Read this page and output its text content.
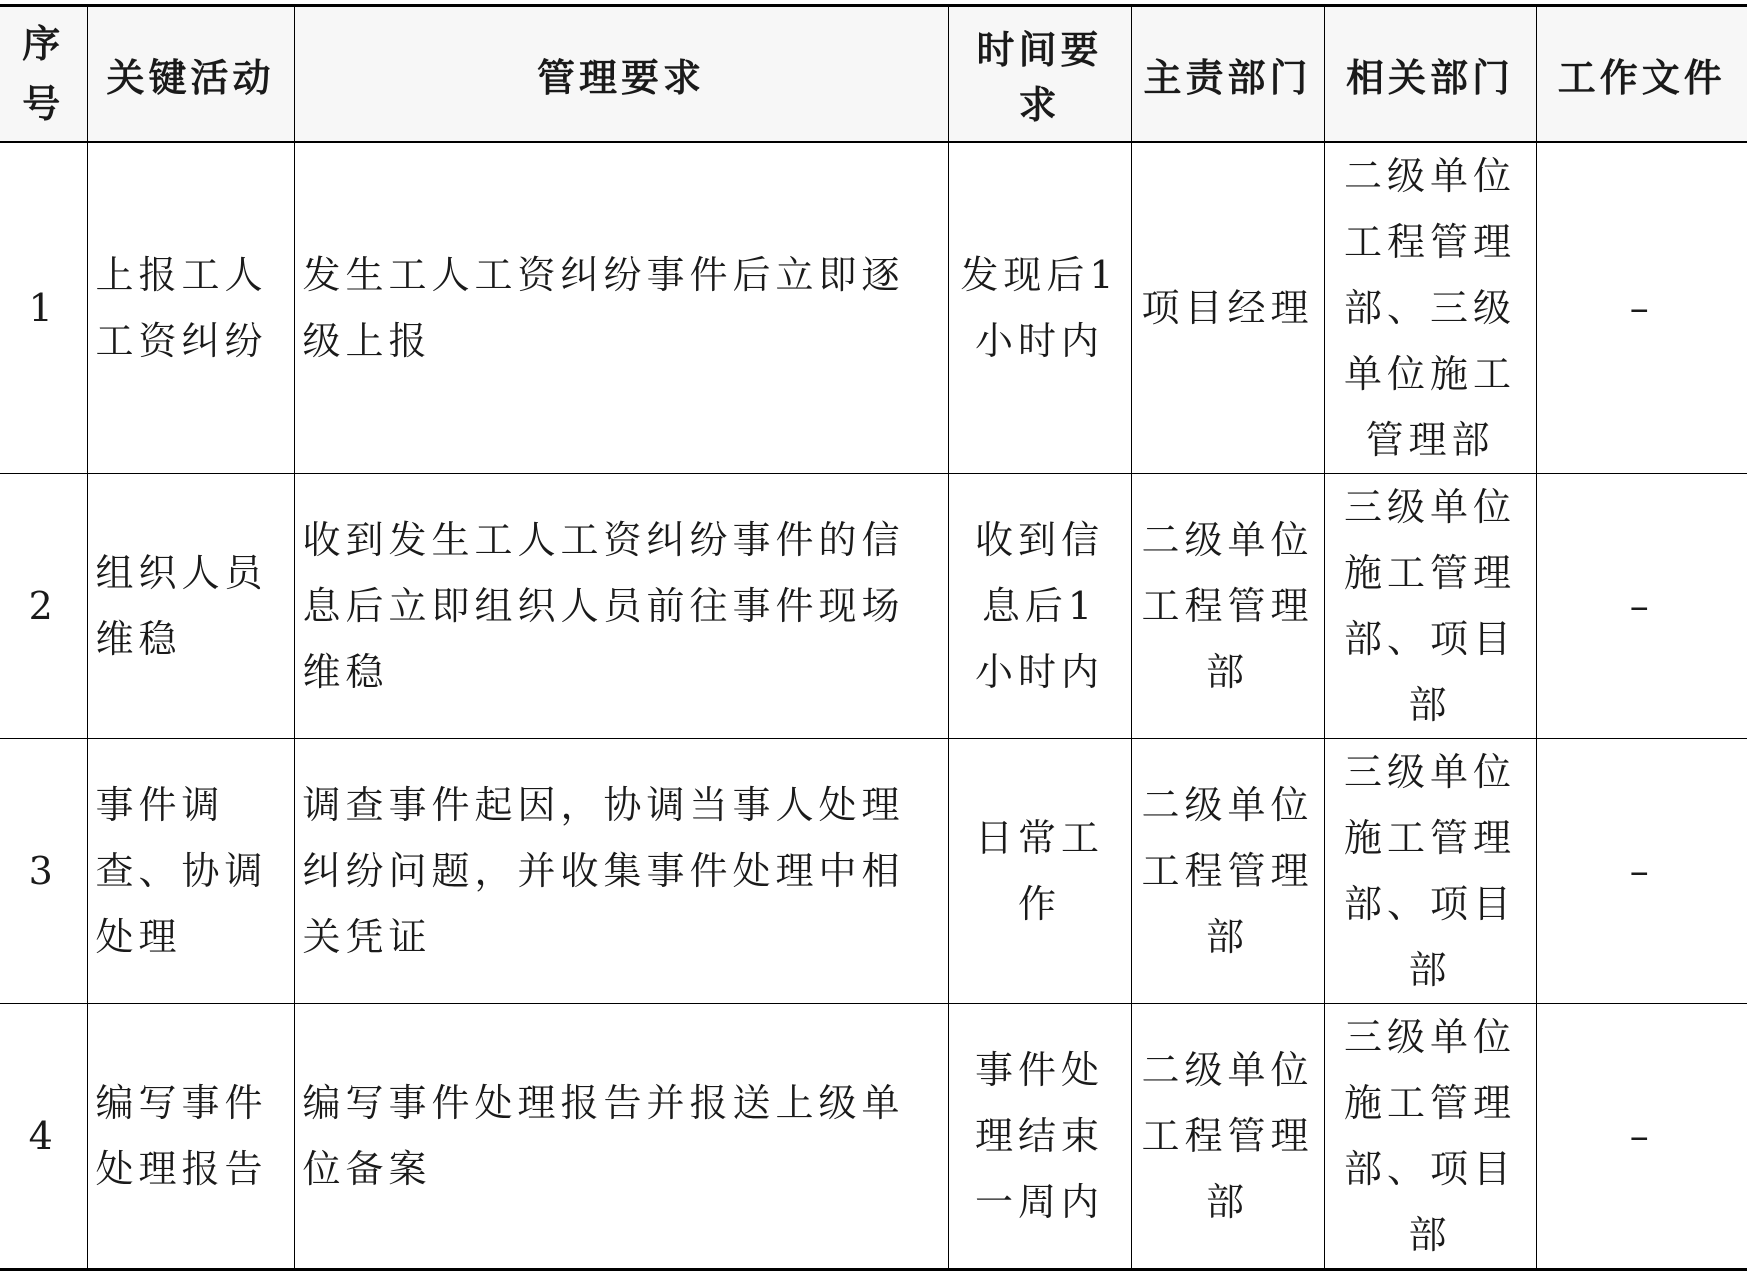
序号	关键活动	管理要求	时间要求	主责部门	相关部门	工作文件
1	上报工人工资纠纷	发生工人工资纠纷事件后立即逐级上报	发现后1小时内	项目经理	二级单位工程管理部、三级单位施工管理部	–
2	组织人员维稳	收到发生工人工资纠纷事件的信息后立即组织人员前往事件现场维稳	收到信息后1 小时内	二级单位工程管理部	三级单位施工管理部、项目部	–
3	事件调查、协调处理	调查事件起因，协调当事人处理纠纷问题，并收集事件处理中相关凭证	日常工作	二级单位工程管理部	三级单位施工管理部、项目部	–
4	编写事件处理报告	编写事件处理报告并报送上级单位备案	事件处理结束一周内	二级单位工程管理部	三级单位施工管理部、项目部	–
